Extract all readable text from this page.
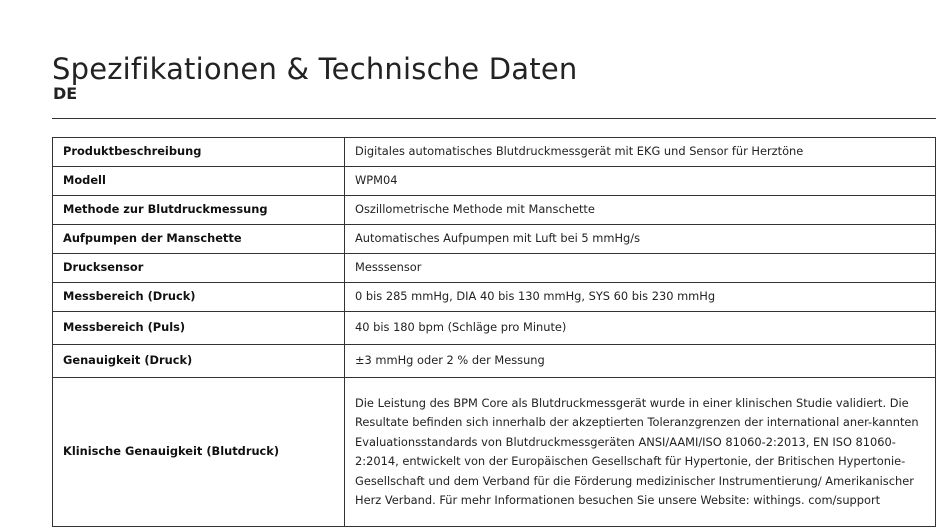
Spezifikationen & Technische Daten
DE
Produktbeschreibung	Digitales automatisches Blutdruckmessgerät mit EKG und Sensor für Herztöne
Modell	WPM04
Methode zur Blutdruckmessung	Oszillometrische Methode mit Manschette
Aufpumpen der Manschette	Automatisches Aufpumpen mit Luft bei 5 mmHg/s
Drucksensor	Messsensor
Messbereich (Druck)	0 bis 285 mmHg, DIA 40 bis 130 mmHg, SYS 60 bis 230 mmHg
Messbereich (Puls)	40 bis 180 bpm (Schläge pro Minute)
Genauigkeit (Druck)	±3 mmHg oder 2 % der Messung
Klinische Genauigkeit (Blutdruck)	Die Leistung des BPM Core als Blutdruckmessgerät wurde in einer klinischen Studie validiert. Die Resultate befinden sich innerhalb der akzeptierten Toleranzgrenzen der international aner-kannten Evaluationsstandards von Blutdruckmessgeräten ANSI/AAMI/ISO 81060-2:2013, EN ISO 81060-2:2014, entwickelt von der Europäischen Gesellschaft für Hypertonie, der Britischen Hypertonie-Gesellschaft und dem Verband für die Förderung medizinischer Instrumentierung/ Amerikanischer Herz Verband. Für mehr Informationen besuchen Sie unsere Website: withings. com/support
